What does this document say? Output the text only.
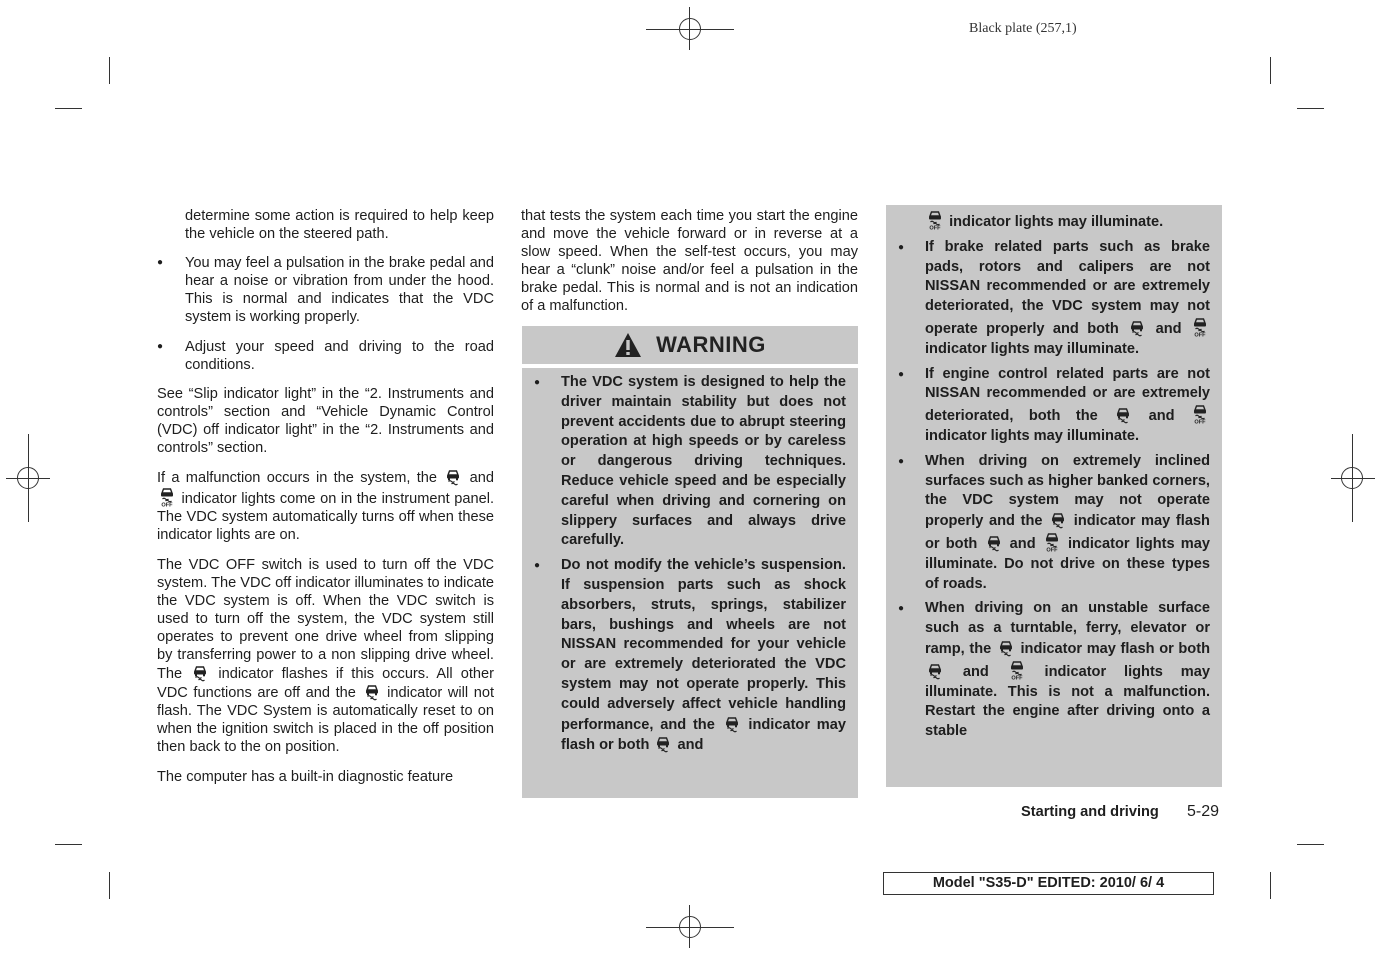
Black plate (257,1)

determine some action is required to help keep the vehicle on the steered path.

● You may feel a pulsation in the brake pedal and hear a noise or vibration from under the hood. This is normal and indicates that the VDC system is working properly.
● Adjust your speed and driving to the road conditions.

See “Slip indicator light” in the “2. Instruments and controls” section and “Vehicle Dynamic Control (VDC) off indicator light” in the “2. Instruments and controls” section.

If a malfunction occurs in the system, the and
OFF indicator lights come on in the instrument panel. The VDC system automatically turns off when these indicator lights are on.

The VDC OFF switch is used to turn off the VDC system. The VDC off indicator illuminates to indicate the VDC system is off. When the VDC switch is used to turn off the system, the VDC system still operates to prevent one drive wheel from slipping by transferring power to a non slipping drive wheel. The indicator flashes if this occurs. All other VDC functions are off and the indicator will not flash. The VDC System is automatically reset to on when the ignition switch is placed in the off position then back to the on position.

The computer has a built-in diagnostic feature

that tests the system each time you start the engine and move the vehicle forward or in reverse at a slow speed. When the self-test occurs, you may hear a “clunk” noise and/or feel a pulsation in the brake pedal. This is normal and is not an indication of a malfunction.

WARNING
● The VDC system is designed to help the driver maintain stability but does not prevent accidents due to abrupt steering operation at high speeds or by careless or dangerous driving techniques. Reduce vehicle speed and be especially careful when driving and cornering on slippery surfaces and always drive carefully.
● Do not modify the vehicle’s suspension. If suspension parts such as shock absorbers, struts, springs, stabilizer bars, bushings and wheels are not NISSAN recommended for your vehicle or are extremely deteriorated the VDC system may not operate properly. This could adversely affect vehicle handling performance, and the indicator may flash or both and

OFF indicator lights may illuminate.

● If brake related parts such as brake pads, rotors and calipers are not NISSAN recommended or are extremely deteriorated, the VDC system may not operate properly and both	and OFF
indicator lights may illuminate.
● If engine control related parts are not NISSAN recommended or are extremely deteriorated, both the	and	OFF
indicator lights may illuminate.
● When driving on extremely inclined surfaces such as higher banked corners, the VDC system may not operate properly and the indicator may flash or both and OFF indicator lights may illuminate. Do not drive on these types of roads.
● When driving on an unstable surface such as a turntable, ferry, elevator or ramp, the indicator may flash or both  and	OFF indicator lights may illuminate. This is not a malfunction. Restart the engine after driving onto a stable
Starting and driving 5-29
Model "S35-D" EDITED: 2010/ 6/ 4
